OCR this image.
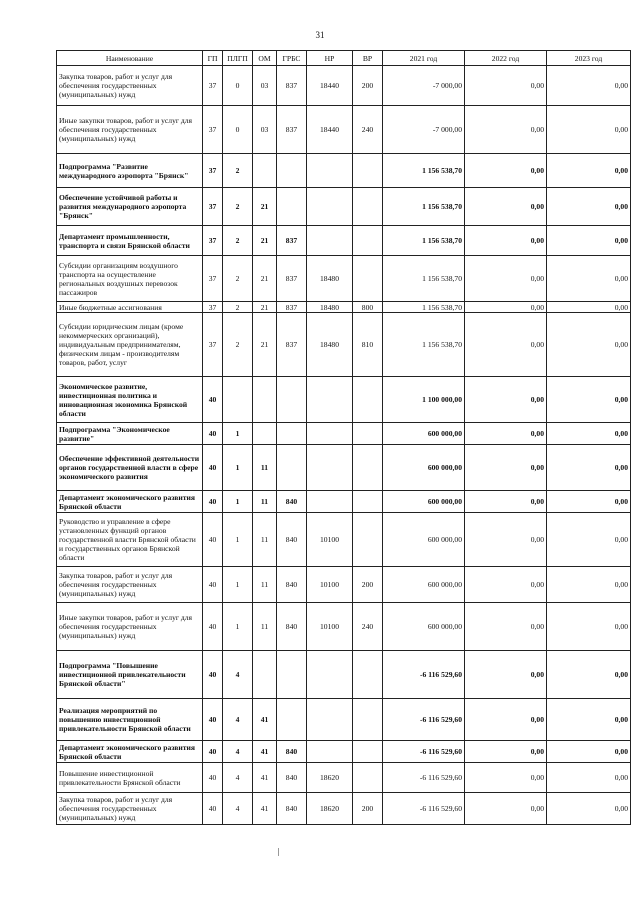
31
Наименование	ГП	ПЛГП	ОМ	ГРБС	НР	ВР	2021 год	2022 год	2023 год
Закупка товаров, работ и услуг для обеспечения государственных (муниципальных) нужд	37	0	03	837	18440	200	-7 000,00	0,00	0,00
Иные закупки товаров, работ и услуг для обеспечения государственных (муниципальных) нужд	37	0	03	837	18440	240	-7 000,00	0,00	0,00
Подпрограмма "Развитие международного аэропорта "Брянск"	37	2					1 156 538,70	0,00	0,00
Обеспечение устойчивой работы и развития международного аэропорта "Брянск"	37	2	21				1 156 538,70	0,00	0,00
Департамент промышленности, транспорта и связи Брянской области	37	2	21	837			1 156 538,70	0,00	0,00
Субсидии организациям воздушного транспорта на осуществление региональных воздушных перевозок пассажиров	37	2	21	837	18480		1 156 538,70	0,00	0,00
Иные бюджетные ассигнования	37	2	21	837	18480	800	1 156 538,70	0,00	0,00
Субсидии юридическим лицам (кроме некоммерческих организаций), индивидуальным предпринимателям, физическим лицам - производителям товаров, работ, услуг	37	2	21	837	18480	810	1 156 538,70	0,00	0,00
Экономическое развитие, инвестиционная политика и инновационная экономика Брянской области	40						1 100 000,00	0,00	0,00
Подпрограмма "Экономическое развитие"	40	1					600 000,00	0,00	0,00
Обеспечение эффективной деятельности органов государственной власти в сфере экономического развития	40	1	11				600 000,00	0,00	0,00
Департамент экономического развития Брянской области	40	1	11	840			600 000,00	0,00	0,00
Руководство и управление в сфере установленных функций органов государственной власти Брянской области и государственных органов Брянской области	40	1	11	840	10100		600 000,00	0,00	0,00
Закупка товаров, работ и услуг для обеспечения государственных (муниципальных) нужд	40	1	11	840	10100	200	600 000,00	0,00	0,00
Иные закупки товаров, работ и услуг для обеспечения государственных (муниципальных) нужд	40	1	11	840	10100	240	600 000,00	0,00	0,00
Подпрограмма "Повышение инвестиционной привлекательности Брянской области"	40	4					-6 116 529,60	0,00	0,00
Реализация мероприятий по повышению инвестиционной привлекательности Брянской области	40	4	41				-6 116 529,60	0,00	0,00
Департамент экономического развития Брянской области	40	4	41	840			-6 116 529,60	0,00	0,00
Повышение инвестиционной привлекательности Брянской области	40	4	41	840	18620		-6 116 529,60	0,00	0,00
Закупка товаров, работ и услуг для обеспечения государственных (муниципальных) нужд	40	4	41	840	18620	200	-6 116 529,60	0,00	0,00
